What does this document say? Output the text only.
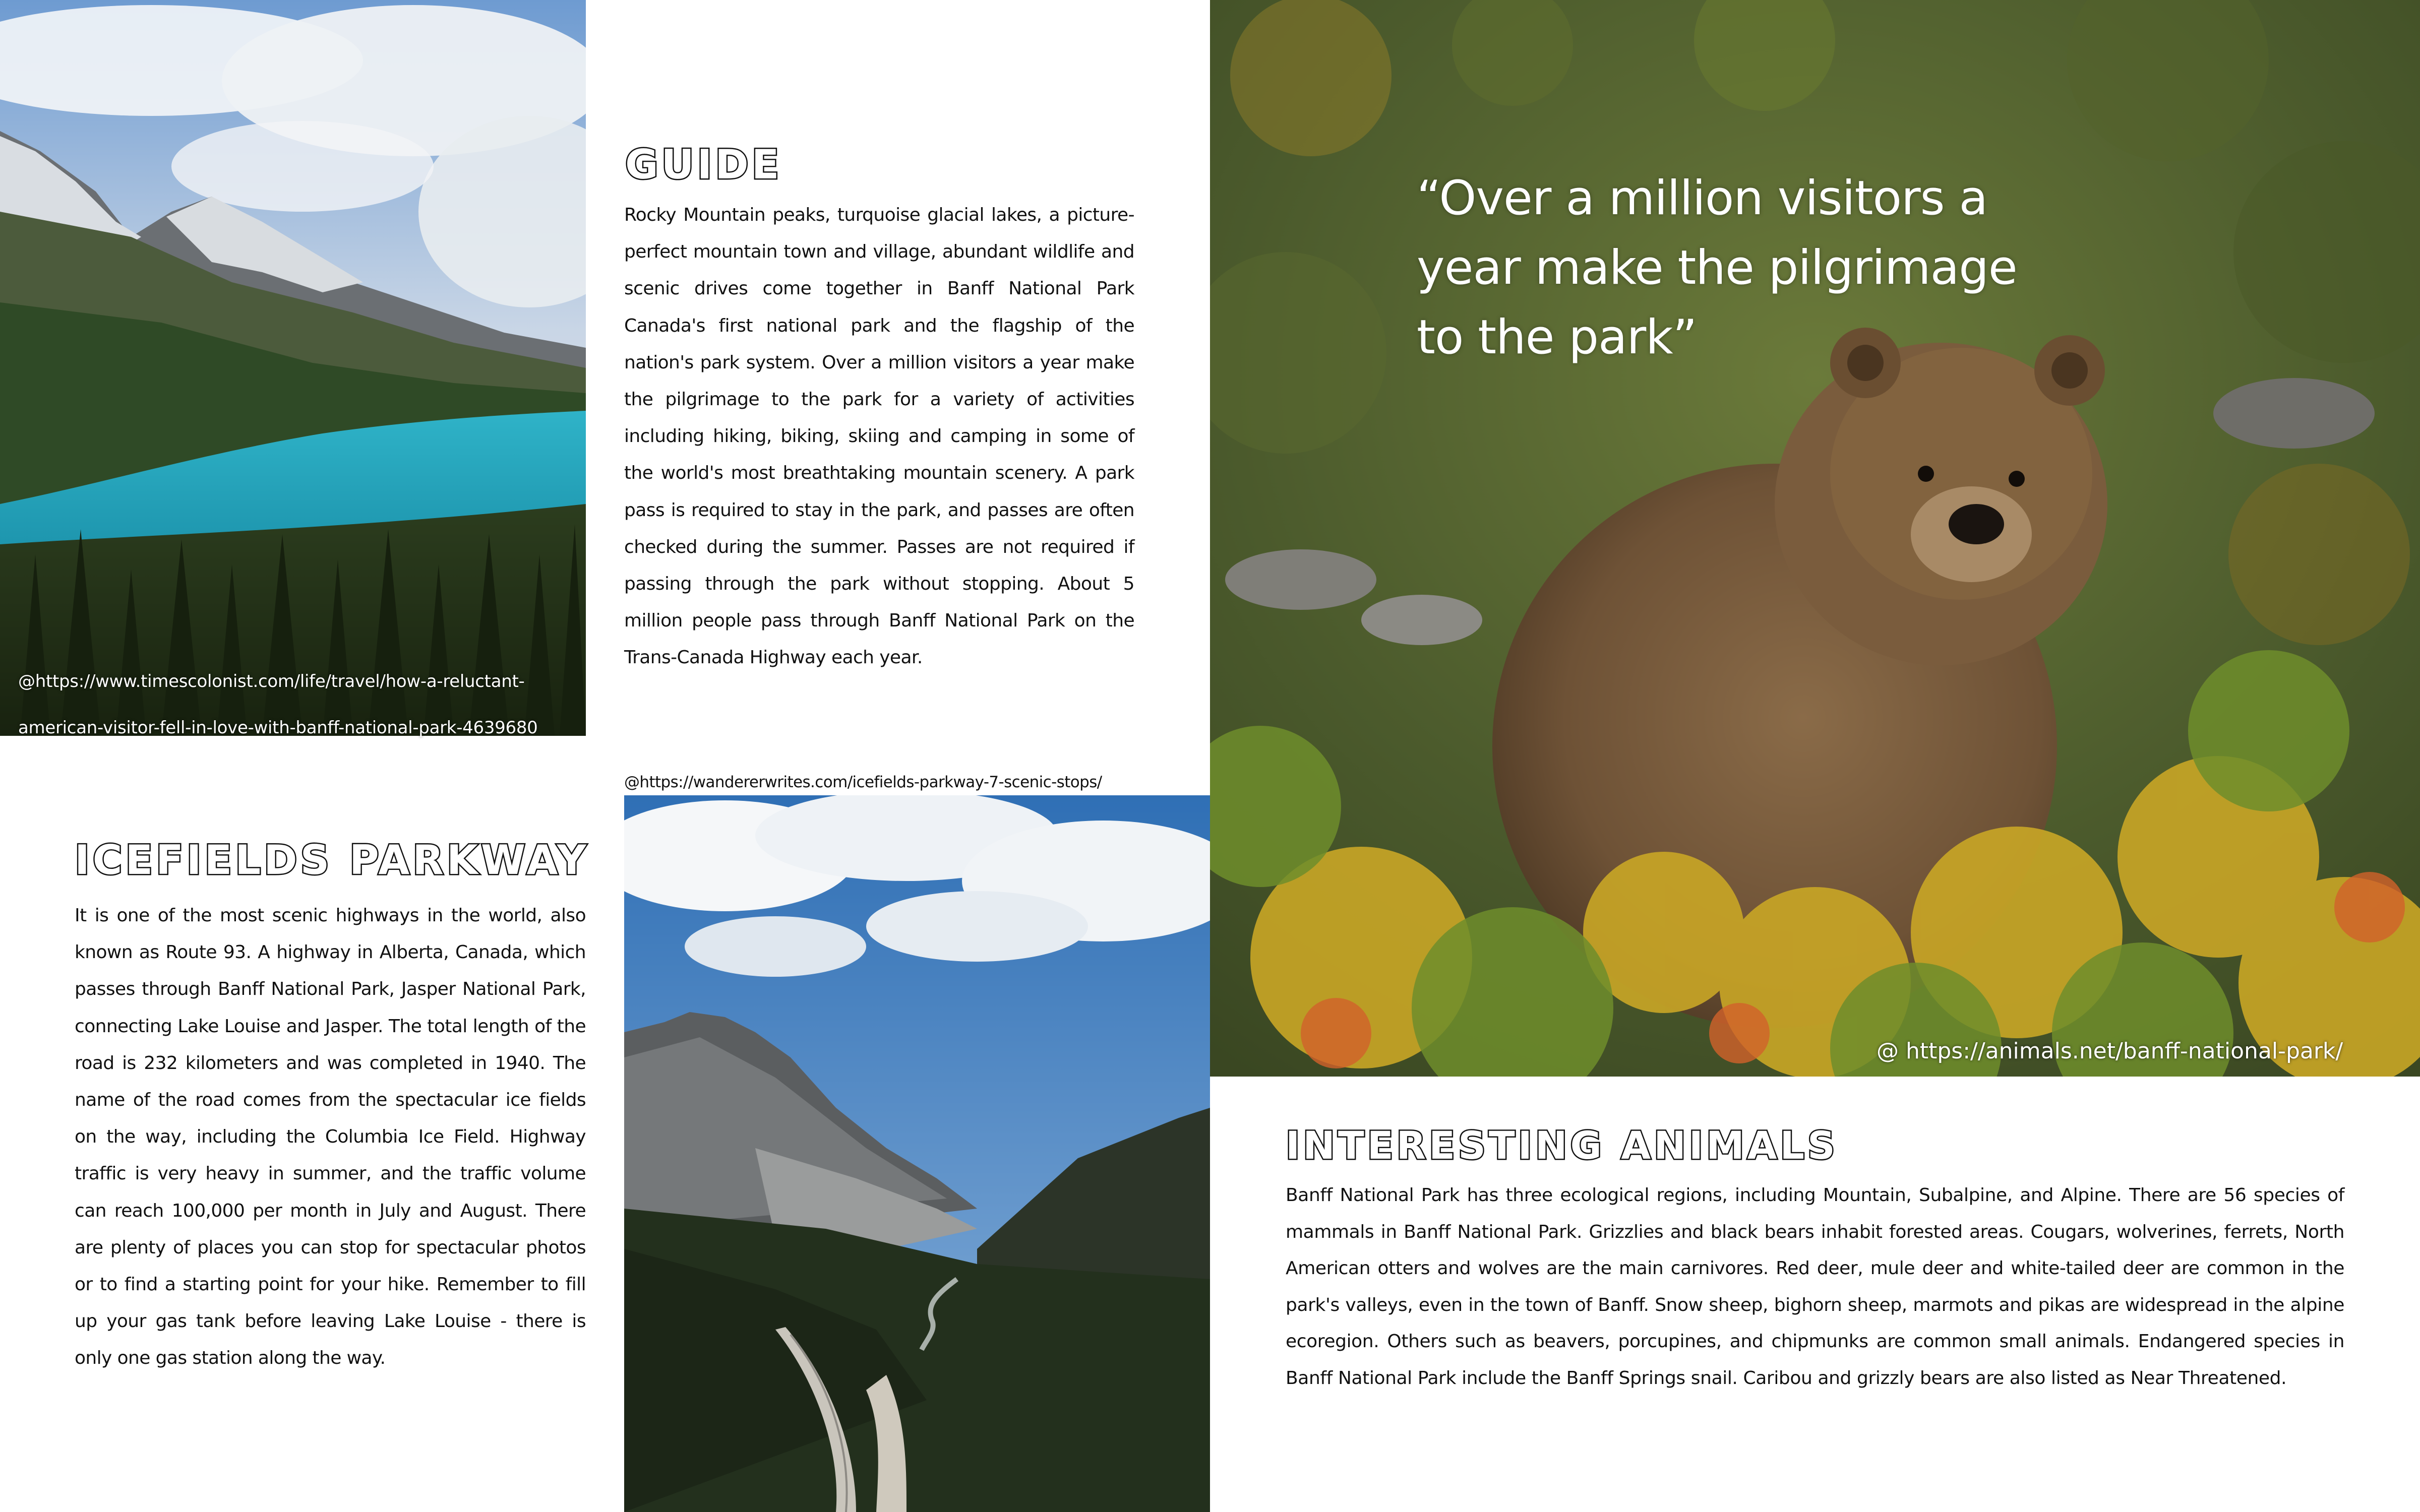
@https://www.timescolonist.com/life/travel/how-a-reluctant-american-visitor-fell-in-love-with-banff-national-park-4639680
GUIDE
Rocky Mountain peaks, turquoise glacial lakes, a picture-perfect mountain town and village, abundant wildlife and scenic drives come together in Banff National Park Canada's first national park and the flagship of the nation's park system. Over a million visitors a year make the pilgrimage to the park for a variety of activities including hiking, biking, skiing and camping in some of the world's most breathtaking mountain scenery. A park pass is required to stay in the park, and passes are often checked during the summer. Passes are not required if passing through the park without stopping. About 5 million people pass through Banff National Park on the Trans-Canada Highway each year.
ICEFIELDS PARKWAY
It is one of the most scenic highways in the world, also known as Route 93. A highway in Alberta, Canada, which passes through Banff National Park, Jasper National Park, connecting Lake Louise and Jasper. The total length of the road is 232 kilometers and was completed in 1940. The name of the road comes from the spectacular ice fields on the way, including the Columbia Ice Field. Highway traffic is very heavy in summer, and the traffic volume can reach 100,000 per month in July and August. There are plenty of places you can stop for spectacular photos or to find a starting point for your hike. Remember to fill up your gas tank before leaving Lake Louise - there is only one gas station along the way.
@https://wandererwrites.com/icefields-parkway-7-scenic-stops/
“Over a million visitors a year make the pilgrimage to the park”
@ https://animals.net/banff-national-park/
INTERESTING ANIMALS
Banff National Park has three ecological regions, including Mountain, Subalpine, and Alpine. There are 56 species of mammals in Banff National Park. Grizzlies and black bears inhabit forested areas. Cougars, wolverines, ferrets, North American otters and wolves are the main carnivores. Red deer, mule deer and white-tailed deer are common in the park's valleys, even in the town of Banff. Snow sheep, bighorn sheep, marmots and pikas are widespread in the alpine ecoregion. Others such as beavers, porcupines, and chipmunks are common small animals. Endangered species in Banff National Park include the Banff Springs snail. Caribou and grizzly bears are also listed as Near Threatened.
